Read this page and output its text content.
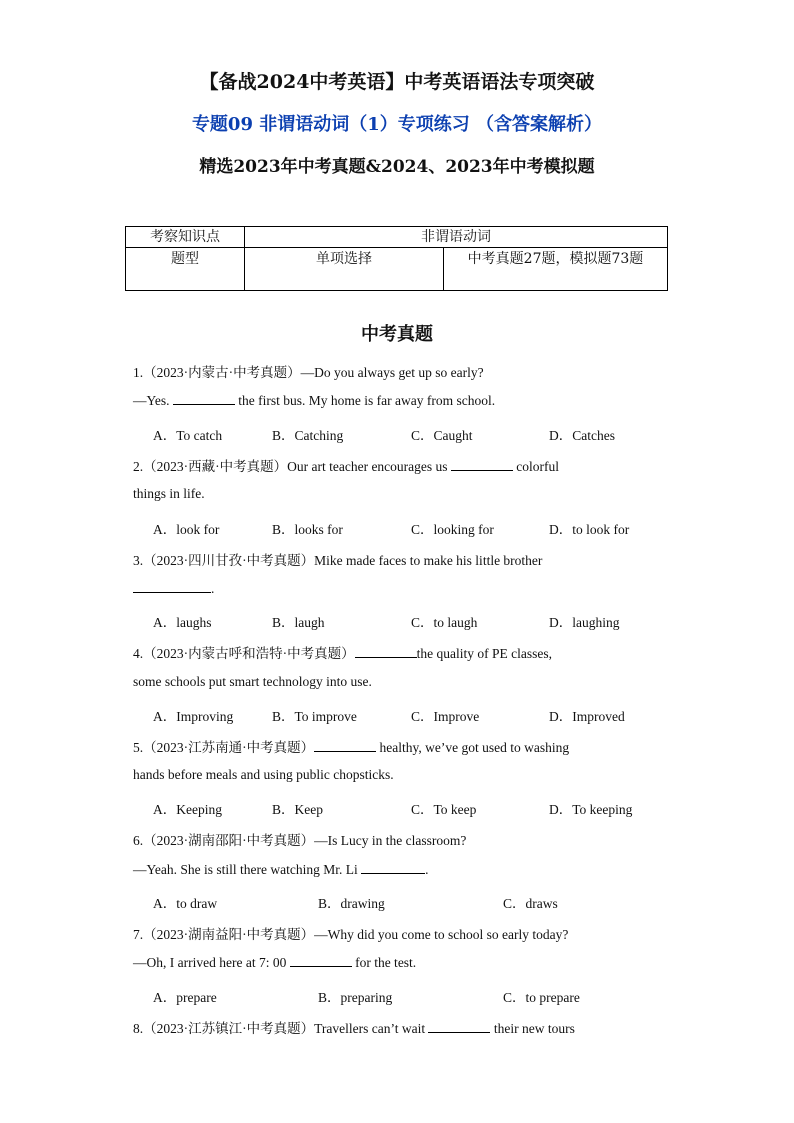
【备战2024中考英语】中考英语语法专项突破
专题09 非谓语动词（1）专项练习 （含答案解析）
精选2023年中考真题&2024、2023年中考模拟题
考察知识点	非谓语动词	
题型	单项选择	中考真题27题，模拟题73题
中考真题
1.（2023·内蒙古·中考真题）—Do you always get up so early?
—Yes.	the first bus. My home is far away from school.
A．To catch	B．Catching	C．Caught	D．Catches
2.（2023·西藏·中考真题）Our art teacher encourages us	colorful
things in life.
A．look for	B．looks for	C．looking for	D．to look for
3.（2023·四川甘孜·中考真题）Mike made faces to make his little brother
.
A．laughs	B．laugh	C．to laugh	D．laughing
4.（2023·内蒙古呼和浩特·中考真题）	the quality of PE classes,
some schools put smart technology into use.
A．Improving	B．To improve	C．Improve	D．Improved
5.（2023·江苏南通·中考真题）	healthy, we’ve got used to washing
hands before meals and using public chopsticks.
A．Keeping	B．Keep	C．To keep	D．To keeping
6.（2023·湖南邵阳·中考真题）—Is Lucy in the classroom?
—Yeah. She is still there watching Mr. Li	.
A．to draw	B．drawing	C．draws
7.（2023·湖南益阳·中考真题）—Why did you come to school so early today?
—Oh, I arrived here at 7: 00	for the test.
A．prepare	B．preparing	C．to prepare
8.（2023·江苏镇江·中考真题）Travellers can’t wait	their new tours
